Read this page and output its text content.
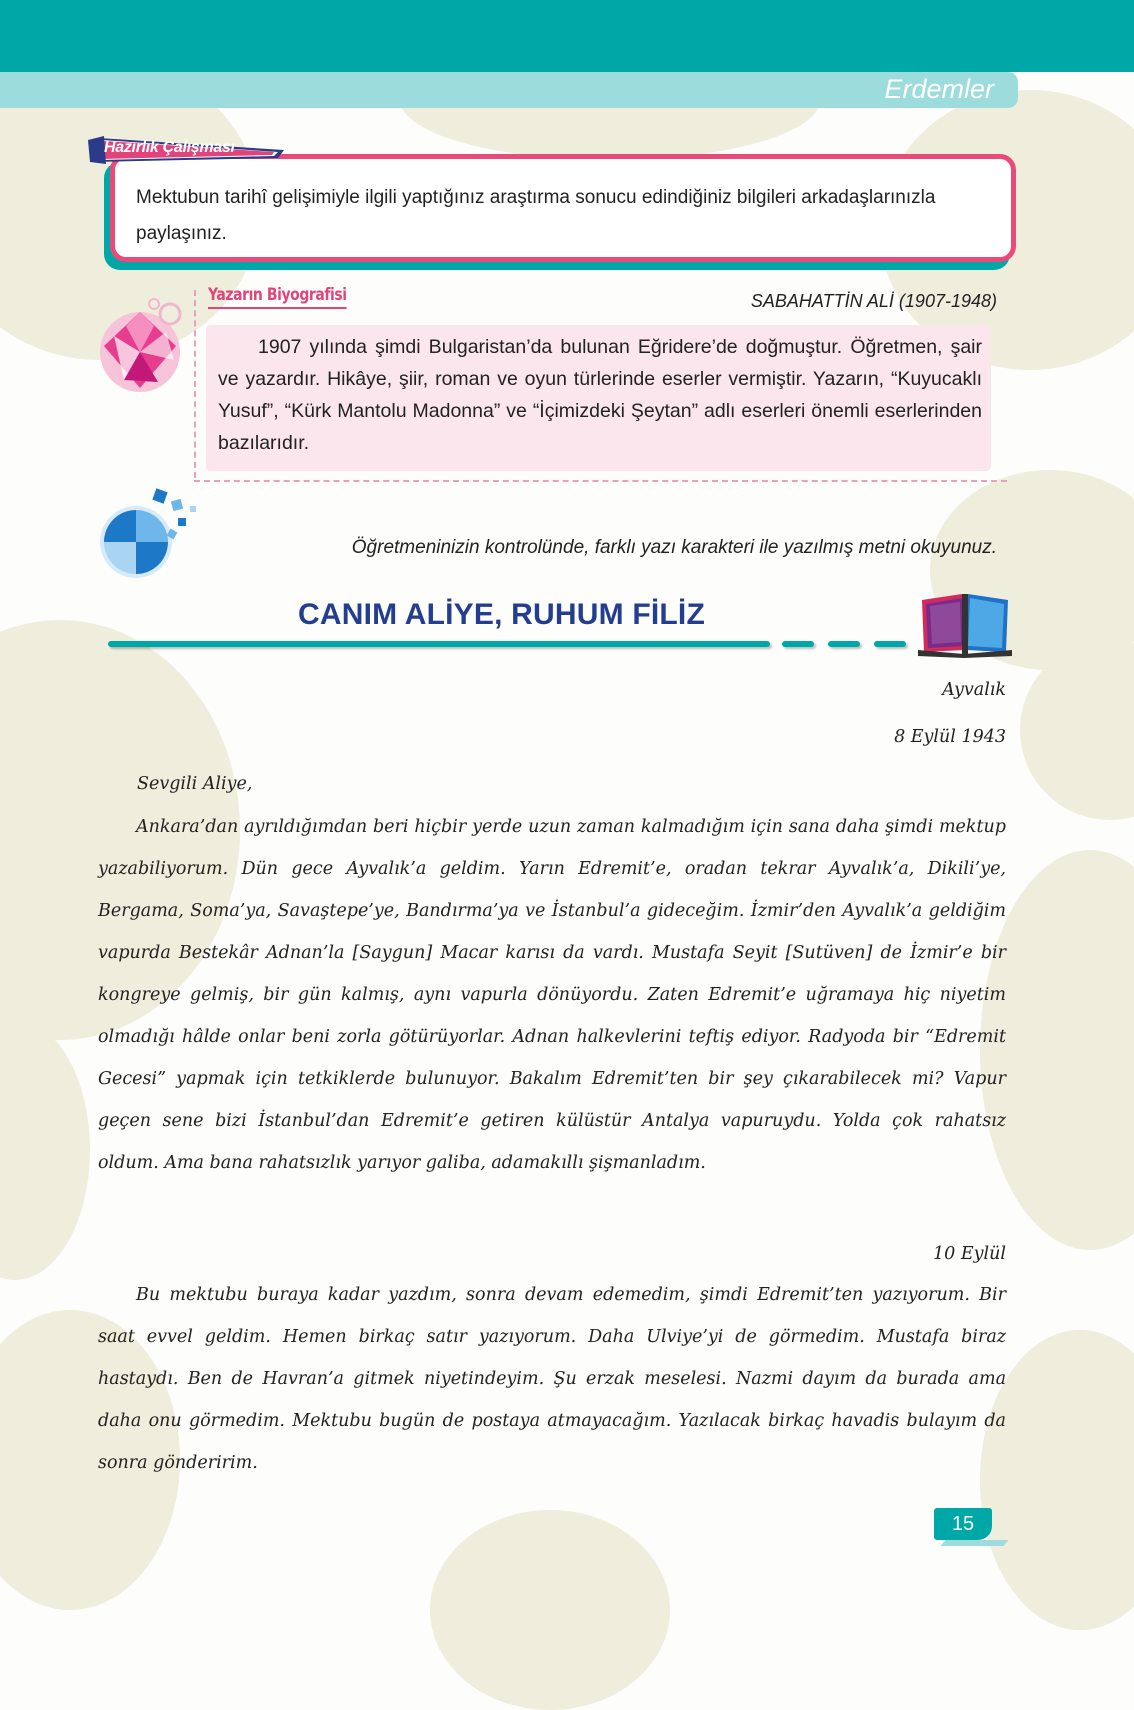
Erdemler
Hazırlık Çalışması
Mektubun tarihî gelişimiyle ilgili yaptığınız araştırma sonucu edindiğiniz bilgileri arkadaşlarınızla paylaşınız.
Yazarın Biyografisi	SABAHATTİN ALİ (1907-1948)
1907 yılında şimdi Bulgaristan’da bulunan Eğridere’de doğmuştur. Öğretmen, şair ve yazardır. Hikâye, şiir, roman ve oyun türlerinde eserler vermiştir. Yazarın, “Kuyucaklı Yusuf”, “Kürk Mantolu Madonna” ve “İçimizdeki Şeytan” adlı eserleri önemli eserlerinden bazılarıdır.
Öğretmeninizin kontrolünde, farklı yazı karakteri ile yazılmış metni okuyunuz.
CANIM ALİYE, RUHUM FİLİZ
Ayvalık
8 Eylül 1943
Sevgili Aliye,

Ankara’dan ayrıldığımdan beri hiçbir yerde uzun zaman kalmadığım için sana daha şimdi mektup yazabiliyorum. Dün gece Ayvalık’a geldim. Yarın Edremit’e, oradan tekrar Ayvalık’a, Dikili’ye, Bergama, Soma’ya, Savaştepe’ye, Bandırma’ya ve İstanbul’a gideceğim. İzmir’den Ayvalık’a geldiğim vapurda Bestekâr Adnan’la [Saygun] Macar karısı da vardı. Mustafa Seyit [Sutüven] de İzmir’e bir kongreye gelmiş, bir gün kalmış, aynı vapurla dönüyordu. Zaten Edremit’e uğramaya hiç niyetim olmadığı hâlde onlar beni zorla götürüyorlar. Adnan halkevlerini teftiş ediyor. Radyoda bir “Edremit Gecesi” yapmak için tetkiklerde bulunuyor. Bakalım Edremit’ten bir şey çıkarabilecek mi? Vapur geçen sene bizi İstanbul’dan Edremit’e getiren külüstür Antalya vapuruydu. Yolda çok rahatsız oldum. Ama bana rahatsızlık yarıyor galiba, adamakıllı şişmanladım.

10 Eylül

Bu mektubu buraya kadar yazdım, sonra devam edemedim, şimdi Edremit’ten yazıyorum. Bir saat evvel geldim. Hemen birkaç satır yazıyorum. Daha Ulviye’yi de görmedim. Mustafa biraz hastaydı. Ben de Havran’a gitmek niyetindeyim. Şu erzak meselesi. Nazmi dayım da burada ama daha onu görmedim. Mektubu bugün de postaya atmayacağım. Yazılacak birkaç havadis bulayım da sonra gönderirim.

15
